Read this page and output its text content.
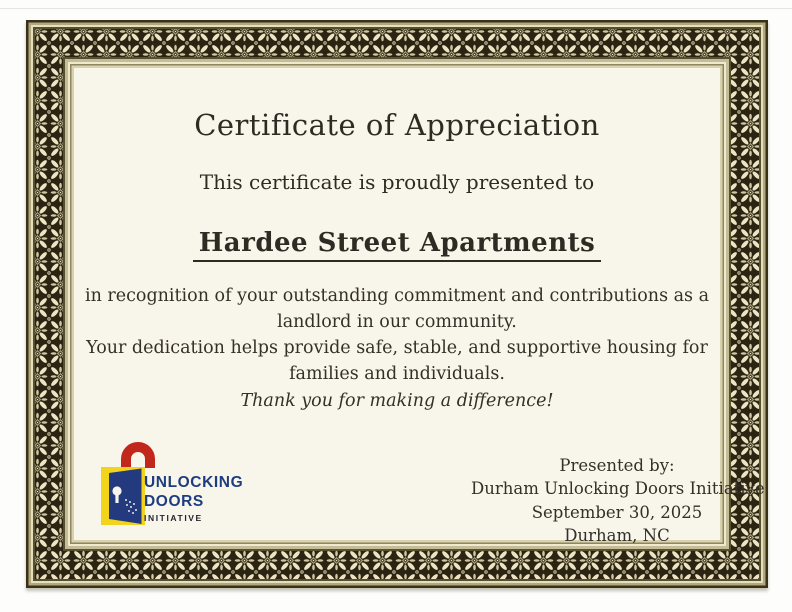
Certificate of Appreciation
This certificate is proudly presented to
Hardee Street Apartments
in recognition of your outstanding commitment and contributions as a landlord in our community.
Your dedication helps provide safe, stable, and supportive housing for families and individuals.
Thank you for making a difference!
UNLOCKING
DOORS
INITIATIVE
Presented by:
Durham Unlocking Doors Initiative
September 30, 2025
Durham, NC
